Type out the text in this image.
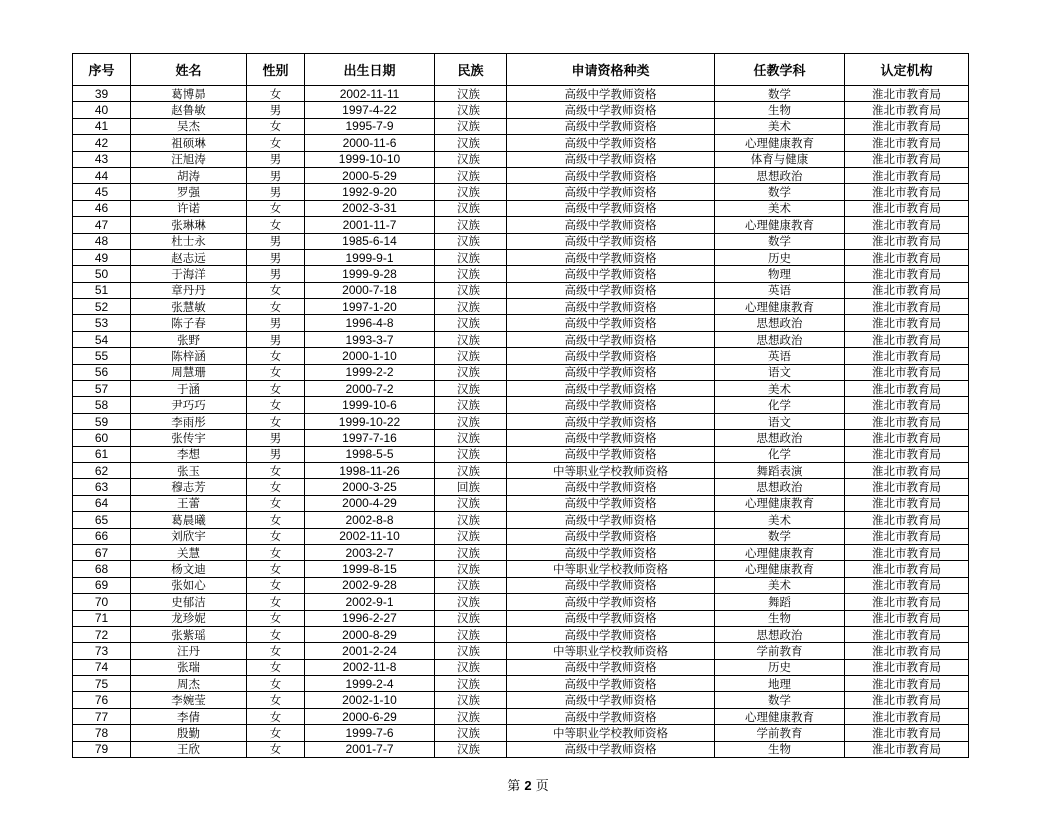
序号	姓名	性别	出生日期	民族	申请资格种类	任教学科	认定机构
39	葛博昴	女	2002-11-11	汉族	高级中学教师资格	数学	淮北市教育局
40	赵鲁敏	男	1997-4-22	汉族	高级中学教师资格	生物	淮北市教育局
41	吴杰	女	1995-7-9	汉族	高级中学教师资格	美术	淮北市教育局
42	祖硕琳	女	2000-11-6	汉族	高级中学教师资格	心理健康教育	淮北市教育局
43	汪旭涛	男	1999-10-10	汉族	高级中学教师资格	体育与健康	淮北市教育局
44	胡涛	男	2000-5-29	汉族	高级中学教师资格	思想政治	淮北市教育局
45	罗强	男	1992-9-20	汉族	高级中学教师资格	数学	淮北市教育局
46	许诺	女	2002-3-31	汉族	高级中学教师资格	美术	淮北市教育局
47	张琳琳	女	2001-11-7	汉族	高级中学教师资格	心理健康教育	淮北市教育局
48	杜士永	男	1985-6-14	汉族	高级中学教师资格	数学	淮北市教育局
49	赵志远	男	1999-9-1	汉族	高级中学教师资格	历史	淮北市教育局
50	于海洋	男	1999-9-28	汉族	高级中学教师资格	物理	淮北市教育局
51	章丹丹	女	2000-7-18	汉族	高级中学教师资格	英语	淮北市教育局
52	张慧敏	女	1997-1-20	汉族	高级中学教师资格	心理健康教育	淮北市教育局
53	陈子春	男	1996-4-8	汉族	高级中学教师资格	思想政治	淮北市教育局
54	张野	男	1993-3-7	汉族	高级中学教师资格	思想政治	淮北市教育局
55	陈梓涵	女	2000-1-10	汉族	高级中学教师资格	英语	淮北市教育局
56	周慧珊	女	1999-2-2	汉族	高级中学教师资格	语文	淮北市教育局
57	于涵	女	2000-7-2	汉族	高级中学教师资格	美术	淮北市教育局
58	尹巧巧	女	1999-10-6	汉族	高级中学教师资格	化学	淮北市教育局
59	李雨彤	女	1999-10-22	汉族	高级中学教师资格	语文	淮北市教育局
60	张传宇	男	1997-7-16	汉族	高级中学教师资格	思想政治	淮北市教育局
61	李想	男	1998-5-5	汉族	高级中学教师资格	化学	淮北市教育局
62	张玉	女	1998-11-26	汉族	中等职业学校教师资格	舞蹈表演	淮北市教育局
63	穆志芳	女	2000-3-25	回族	高级中学教师资格	思想政治	淮北市教育局
64	王蕾	女	2000-4-29	汉族	高级中学教师资格	心理健康教育	淮北市教育局
65	葛晨曦	女	2002-8-8	汉族	高级中学教师资格	美术	淮北市教育局
66	刘欣宇	女	2002-11-10	汉族	高级中学教师资格	数学	淮北市教育局
67	关慧	女	2003-2-7	汉族	高级中学教师资格	心理健康教育	淮北市教育局
68	杨文迪	女	1999-8-15	汉族	中等职业学校教师资格	心理健康教育	淮北市教育局
69	张如心	女	2002-9-28	汉族	高级中学教师资格	美术	淮北市教育局
70	史郁洁	女	2002-9-1	汉族	高级中学教师资格	舞蹈	淮北市教育局
71	龙珍妮	女	1996-2-27	汉族	高级中学教师资格	生物	淮北市教育局
72	张紫瑶	女	2000-8-29	汉族	高级中学教师资格	思想政治	淮北市教育局
73	汪丹	女	2001-2-24	汉族	中等职业学校教师资格	学前教育	淮北市教育局
74	张瑞	女	2002-11-8	汉族	高级中学教师资格	历史	淮北市教育局
75	周杰	女	1999-2-4	汉族	高级中学教师资格	地理	淮北市教育局
76	李婉莹	女	2002-1-10	汉族	高级中学教师资格	数学	淮北市教育局
77	李倩	女	2000-6-29	汉族	高级中学教师资格	心理健康教育	淮北市教育局
78	殷勤	女	1999-7-6	汉族	中等职业学校教师资格	学前教育	淮北市教育局
79	王欣	女	2001-7-7	汉族	高级中学教师资格	生物	淮北市教育局
第 2 页
